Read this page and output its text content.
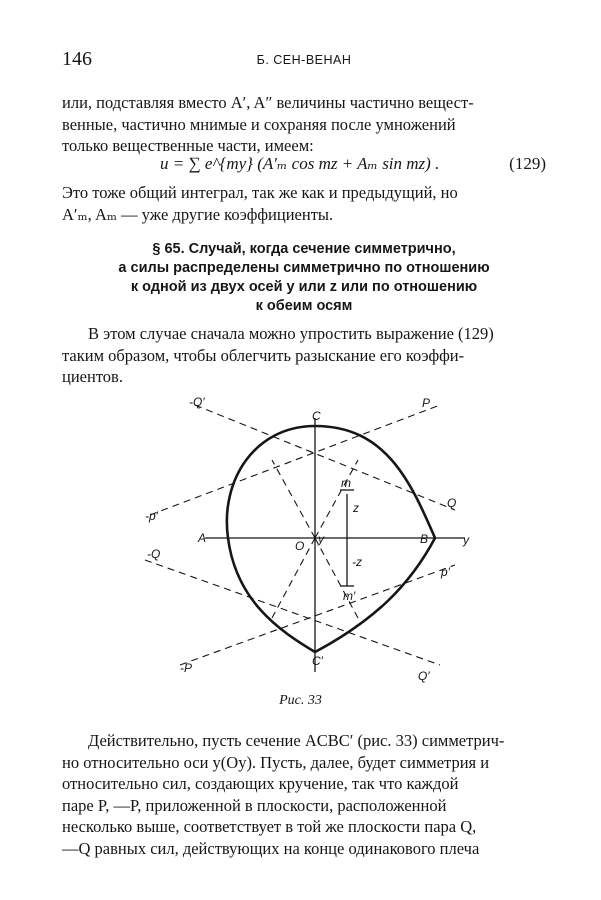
146	Б. СЕН-ВЕНАН
или, подставляя вместо A′, A″ величины частично вещест-
венные, частично мнимые и сохраняя после умножений
только вещественные части, имеем:
u = ∑ e^{my} (A′ₘ cos mz + Aₘ sin mz) .	(129)
Это тоже общий интеграл, так же как и предыдущий, но
A′ₘ, Aₘ — уже другие коэффициенты.
§ 65. Случай, когда сечение симметрично,
а силы распределены симметрично по отношению
к одной из двух осей y или z или по отношению
к обеим осям
В этом случае сначала можно упростить выражение (129)
таким образом, чтобы облегчить разыскание его коэффи-
циентов.
-Q′	P
C
m
z
-p′
Q
A
O y	B	y
-Q
-z
p′
m′
-P	C′
Q′
Рис. 33
Действительно, пусть сечение ACBC′ (рис. 33) симметрич-
но относительно оси y(Oy). Пусть, далее, будет симметрия и
относительно сил, создающих кручение, так что каждой
паре P, —P, приложенной в плоскости, расположенной
несколько выше, соответствует в той же плоскости пара Q,
—Q равных сил, действующих на конце одинакового плеча
